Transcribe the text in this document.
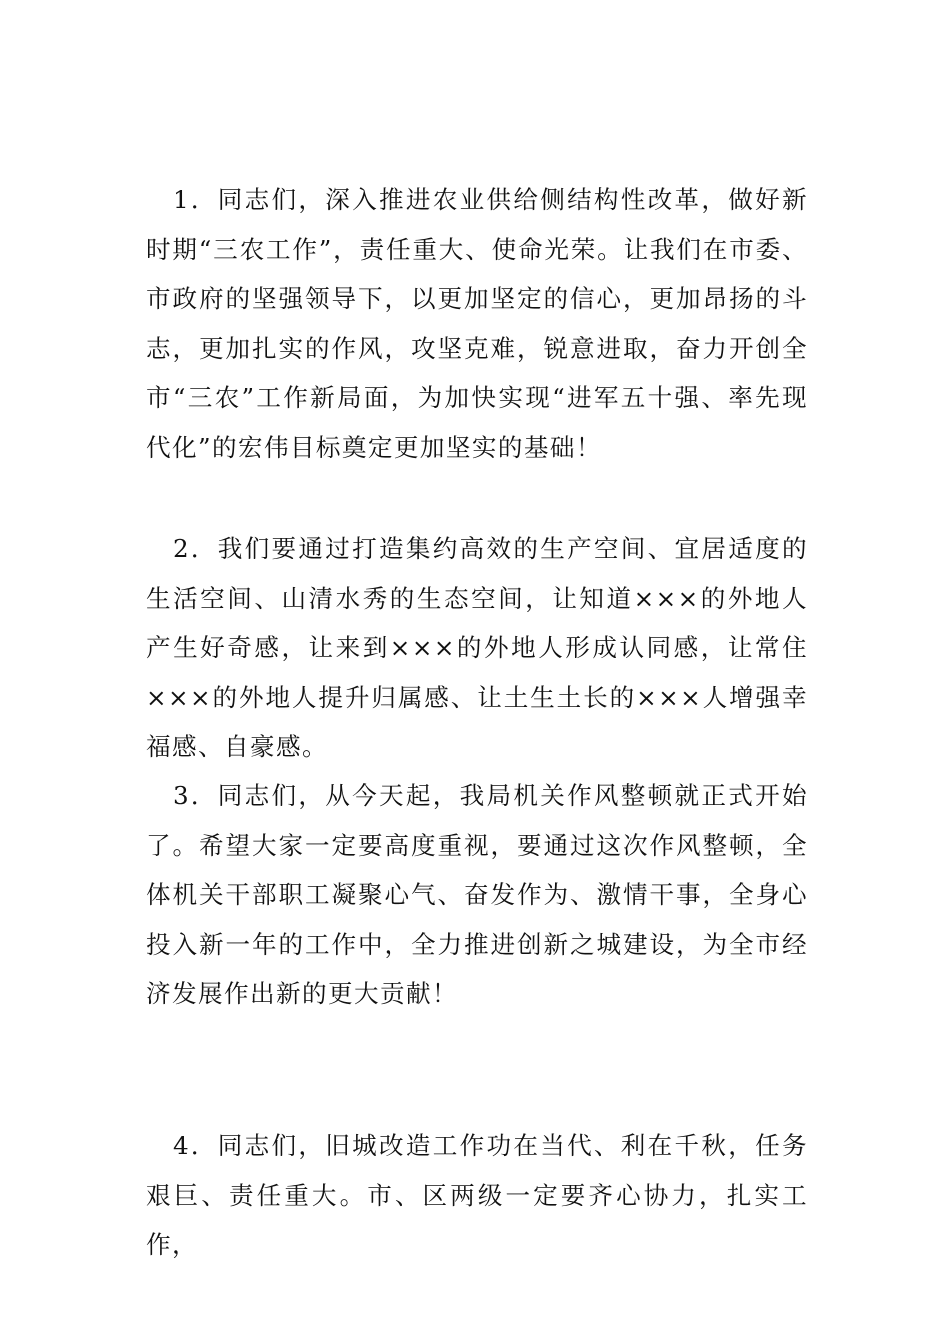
1．同志们，深入推进农业供给侧结构性改革，做好新时期“三农工作”，责任重大、使命光荣。让我们在市委、市政府的坚强领导下，以更加坚定的信心，更加昂扬的斗志，更加扎实的作风，攻坚克难，锐意进取，奋力开创全市“三农”工作新局面，为加快实现“进军五十强、率先现代化”的宏伟目标奠定更加坚实的基础！

2．我们要通过打造集约高效的生产空间、宜居适度的生活空间、山清水秀的生态空间，让知道×××的外地人产生好奇感，让来到×××的外地人形成认同感，让常住×××的外地人提升归属感、让土生土长的×××人增强幸福感、自豪感。

3．同志们，从今天起，我局机关作风整顿就正式开始了。希望大家一定要高度重视，要通过这次作风整顿，全体机关干部职工凝聚心气、奋发作为、激情干事，全身心投入新一年的工作中，全力推进创新之城建设，为全市经济发展作出新的更大贡献！

4．同志们，旧城改造工作功在当代、利在千秋，任务艰巨、责任重大。市、区两级一定要齐心协力，扎实工作，
